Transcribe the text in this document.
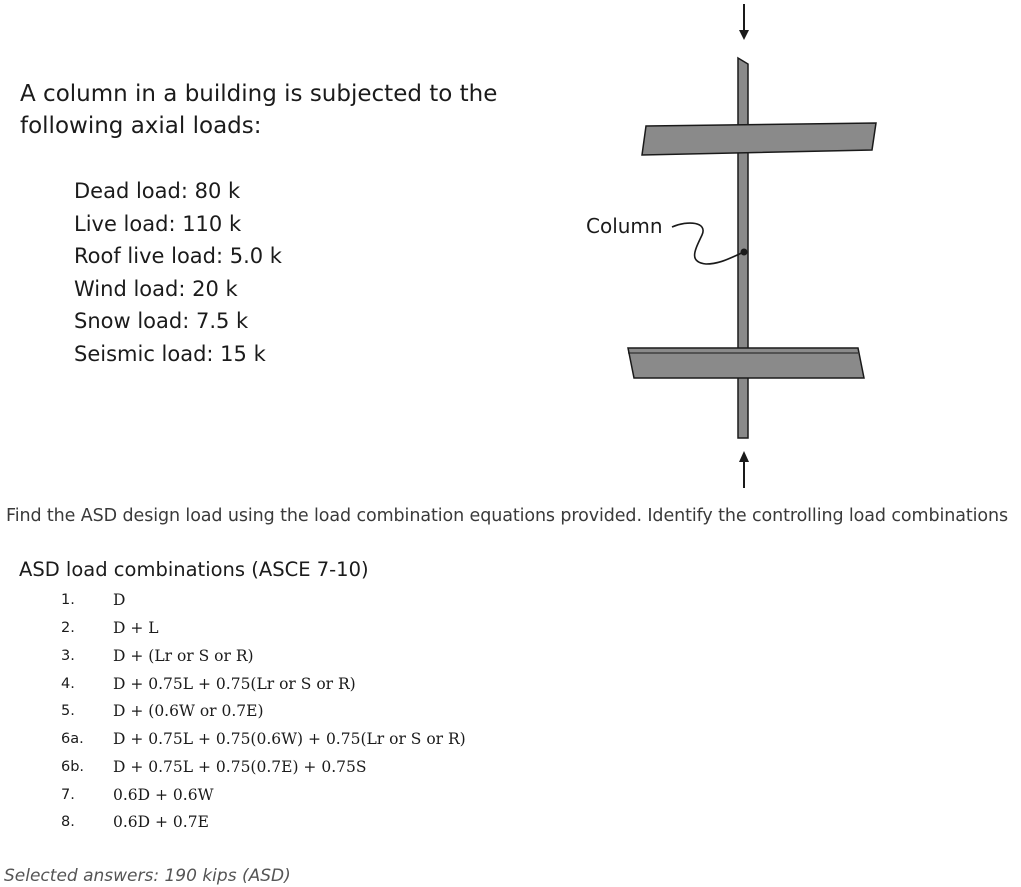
A column in a building is subjected to the following axial loads:
Dead load: 80 k
Live load: 110 k
Roof live load: 5.0 k
Wind load: 20 k
Snow load: 7.5 k
Seismic load: 15 k
Column
Find the ASD design load using the load combination equations provided. Identify the controlling load combinations
ASD load combinations (ASCE 7-10)
1.	D
2.	D + L
3.	D + (Lr or S or R)
4.	D + 0.75L + 0.75(Lr or S or R)
5.	D + (0.6W or 0.7E)
6a.	D + 0.75L + 0.75(0.6W) + 0.75(Lr or S or R)
6b.	D + 0.75L + 0.75(0.7E) + 0.75S
7.	0.6D + 0.6W
8.	0.6D + 0.7E
Selected answers: 190 kips (ASD)
